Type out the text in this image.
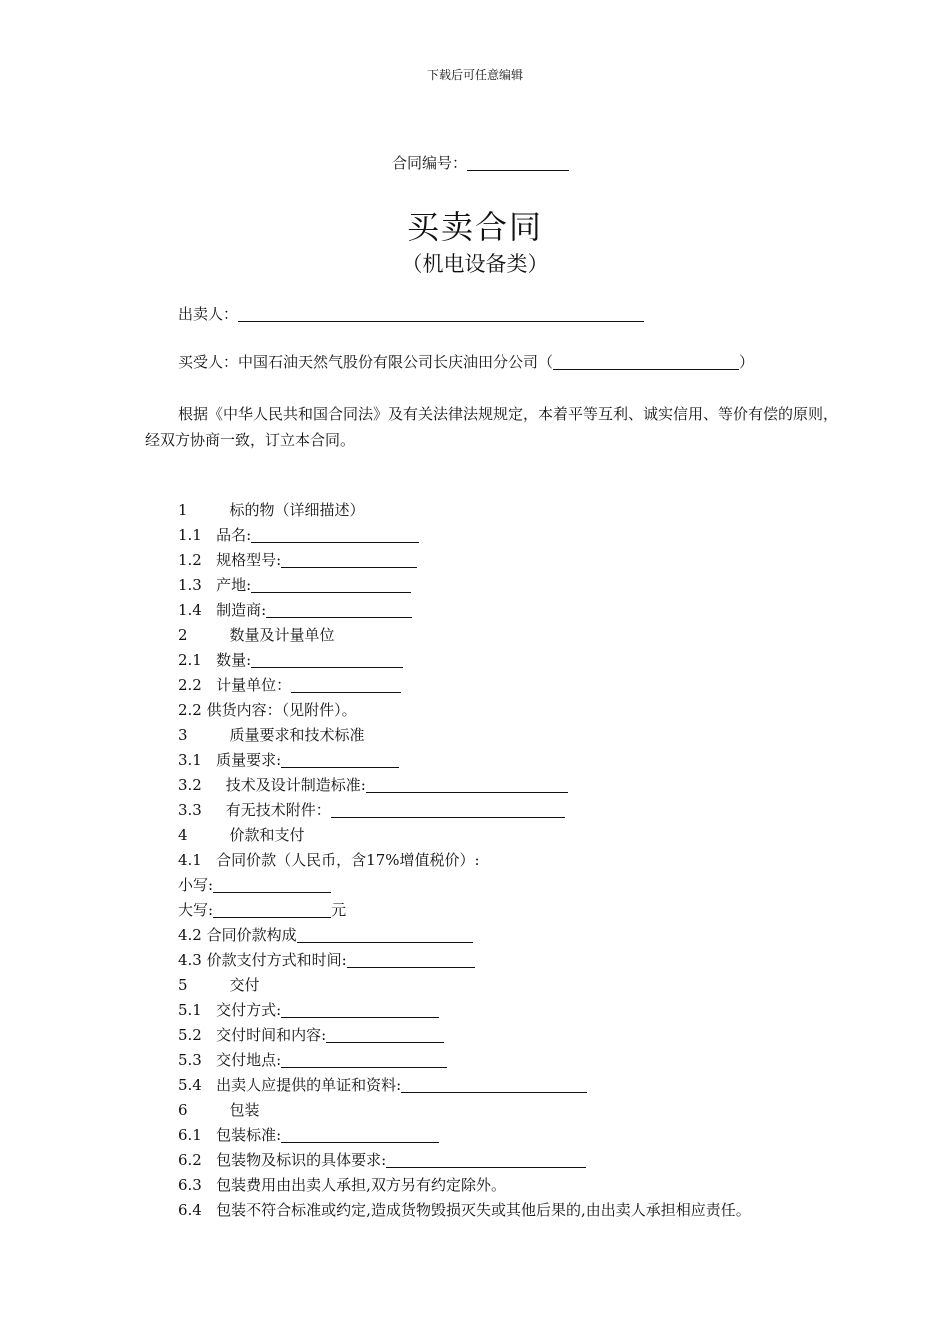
下载后可任意编辑
合同编号：
买卖合同
（机电设备类）
出卖人：
买受人：中国石油天然气股份有限公司长庆油田分公司（	）
根据《中华人民共和国合同法》及有关法律法规规定，本着平等互利、诚实信用、等价有偿的原则，经双方协商一致，订立本合同。
1	标的物（详细描述）
1.1 品名:
1.2 规格型号:
1.3 产地:
1.4 制造商:
2	数量及计量单位
2.1 数量:
2.2 计量单位：
2.2 供货内容：（见附件）。
3	质量要求和技术标准
3.1 质量要求:
3.2 技术及设计制造标准:
3.3 有无技术附件：
4	价款和支付
4.1 合同价款（人民币，含17%增值税价）:
小写:
大写:	元
4.2 合同价款构成
4.3 价款支付方式和时间:
5	交付
5.1 交付方式:
5.2 交付时间和内容:
5.3 交付地点:
5.4 出卖人应提供的单证和资料:
6	包装
6.1 包装标准:
6.2 包装物及标识的具体要求:
6.3 包装费用由出卖人承担,双方另有约定除外。
6.4 包装不符合标准或约定,造成货物毁损灭失或其他后果的,由出卖人承担相应责任。
